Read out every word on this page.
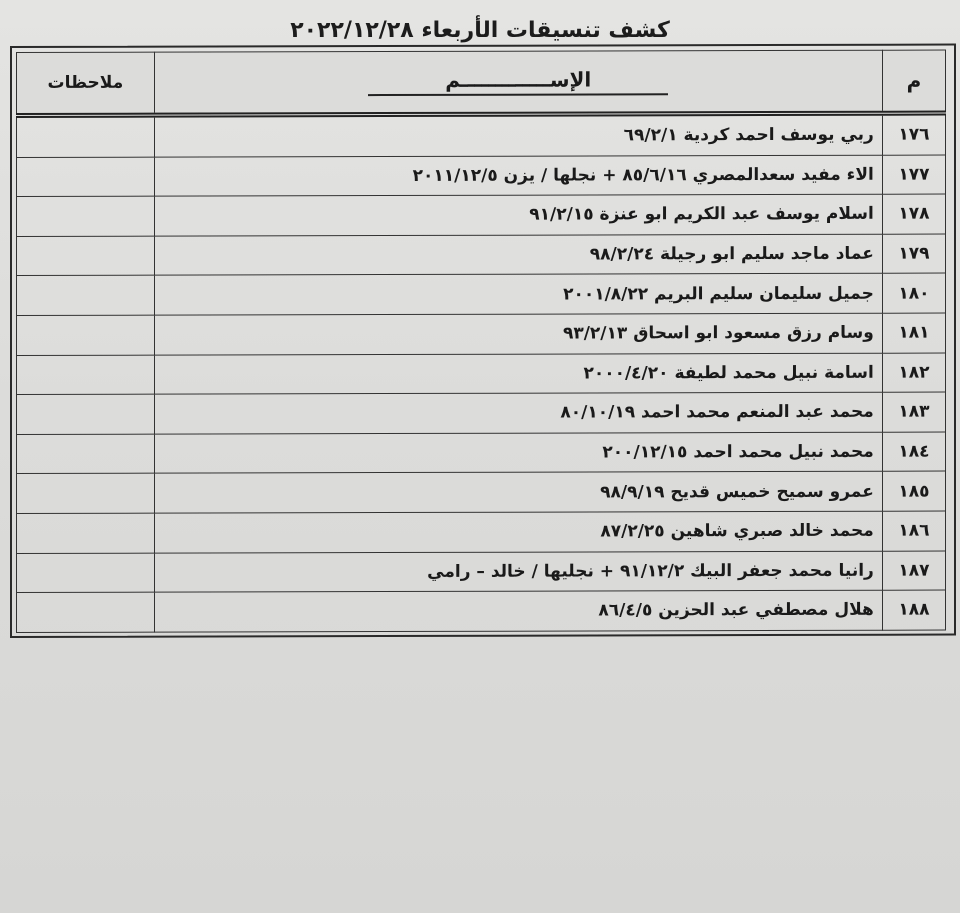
كشف تنسيقات الأربعاء ٢٠٢٢/١٢/٢٨
م	الإســـــــــــــم	ملاحظات
١٧٦	ربي يوسف احمد كردية ٦٩/٢/١	
١٧٧	الاء مفيد سعدالمصري ٨٥/٦/١٦ + نجلها / يزن ٢٠١١/١٢/٥	
١٧٨	اسلام يوسف عبد الكريم ابو عنزة ٩١/٢/١٥	
١٧٩	عماد ماجد سليم ابو رجيلة ٩٨/٢/٢٤	
١٨٠	جميل سليمان سليم البريم ٢٠٠١/٨/٢٢	
١٨١	وسام رزق مسعود ابو اسحاق ٩٣/٢/١٣	
١٨٢	اسامة نبيل محمد لطيفة ٢٠٠٠/٤/٢٠	
١٨٣	محمد عبد المنعم محمد احمد ٨٠/١٠/١٩	
١٨٤	محمد نبيل محمد احمد ٢٠٠/١٢/١٥	
١٨٥	عمرو سميح خميس قديح ٩٨/٩/١٩	
١٨٦	محمد خالد صبري شاهين ٨٧/٢/٢٥	
١٨٧	رانيا محمد جعفر البيك ٩١/١٢/٢ + نجليها / خالد – رامي	
١٨٨	هلال مصطفي عبد الحزين ٨٦/٤/٥	
